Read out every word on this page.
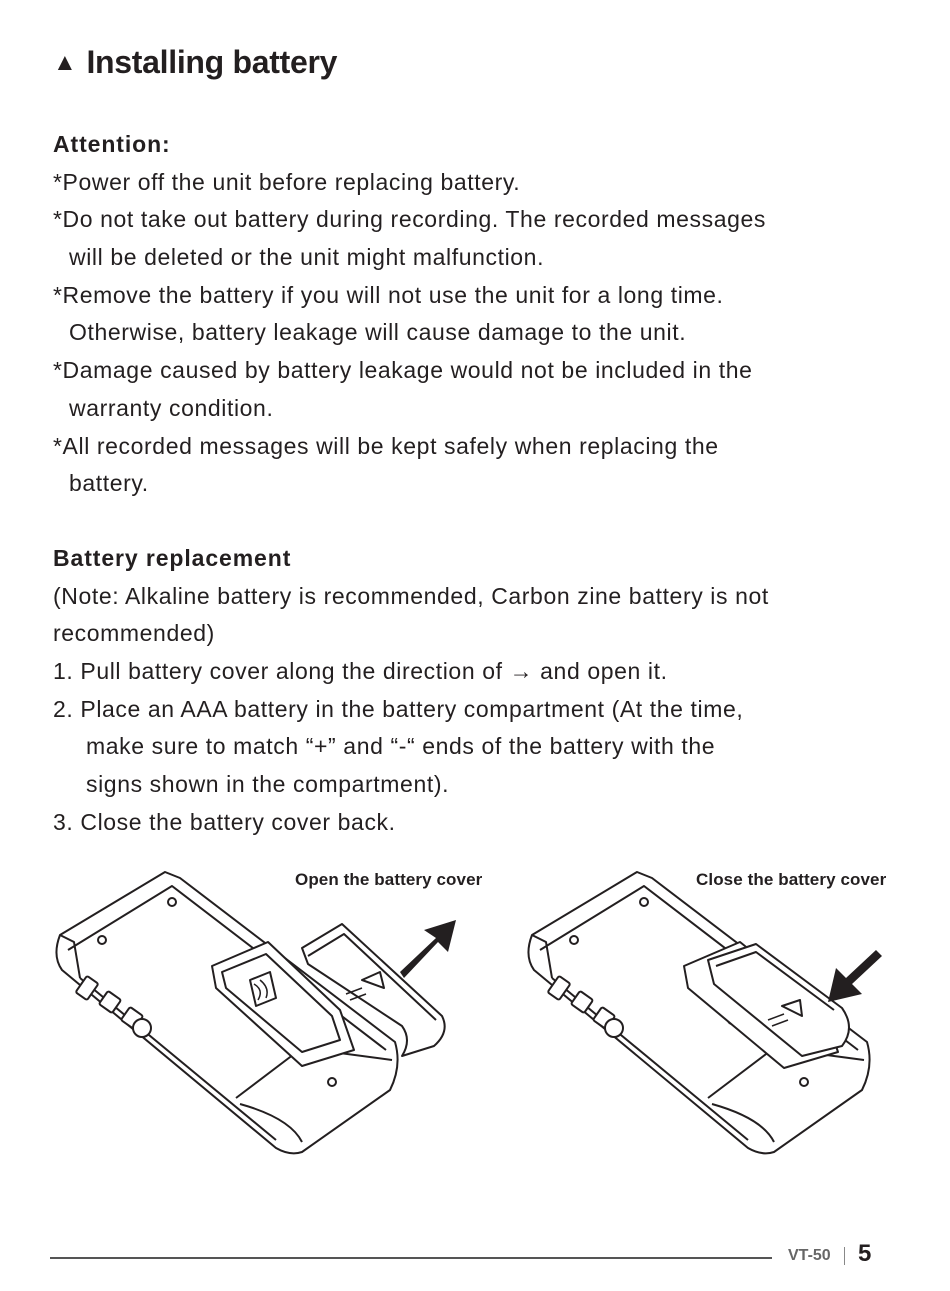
▲ Installing battery
Attention:
*Power off the unit before replacing battery.
*Do not take out battery during recording. The recorded messages
will be deleted or the unit might malfunction.
*Remove the battery if you will not use the unit for a long time.
Otherwise, battery leakage will cause damage to the unit.
*Damage caused by battery leakage would not be included in the
warranty condition.
*All recorded messages will be kept safely when replacing the
battery.
Battery replacement
(Note: Alkaline battery is recommended, Carbon zine battery is not
recommended)
1. Pull battery cover along the direction of → and open it.
2. Place an AAA battery in the battery compartment (At the time,
make sure to match “+” and “-“ ends of the battery with the
signs shown in the compartment).
3. Close the battery cover back.
Open the battery cover	Close the battery cover
VT-50 5
